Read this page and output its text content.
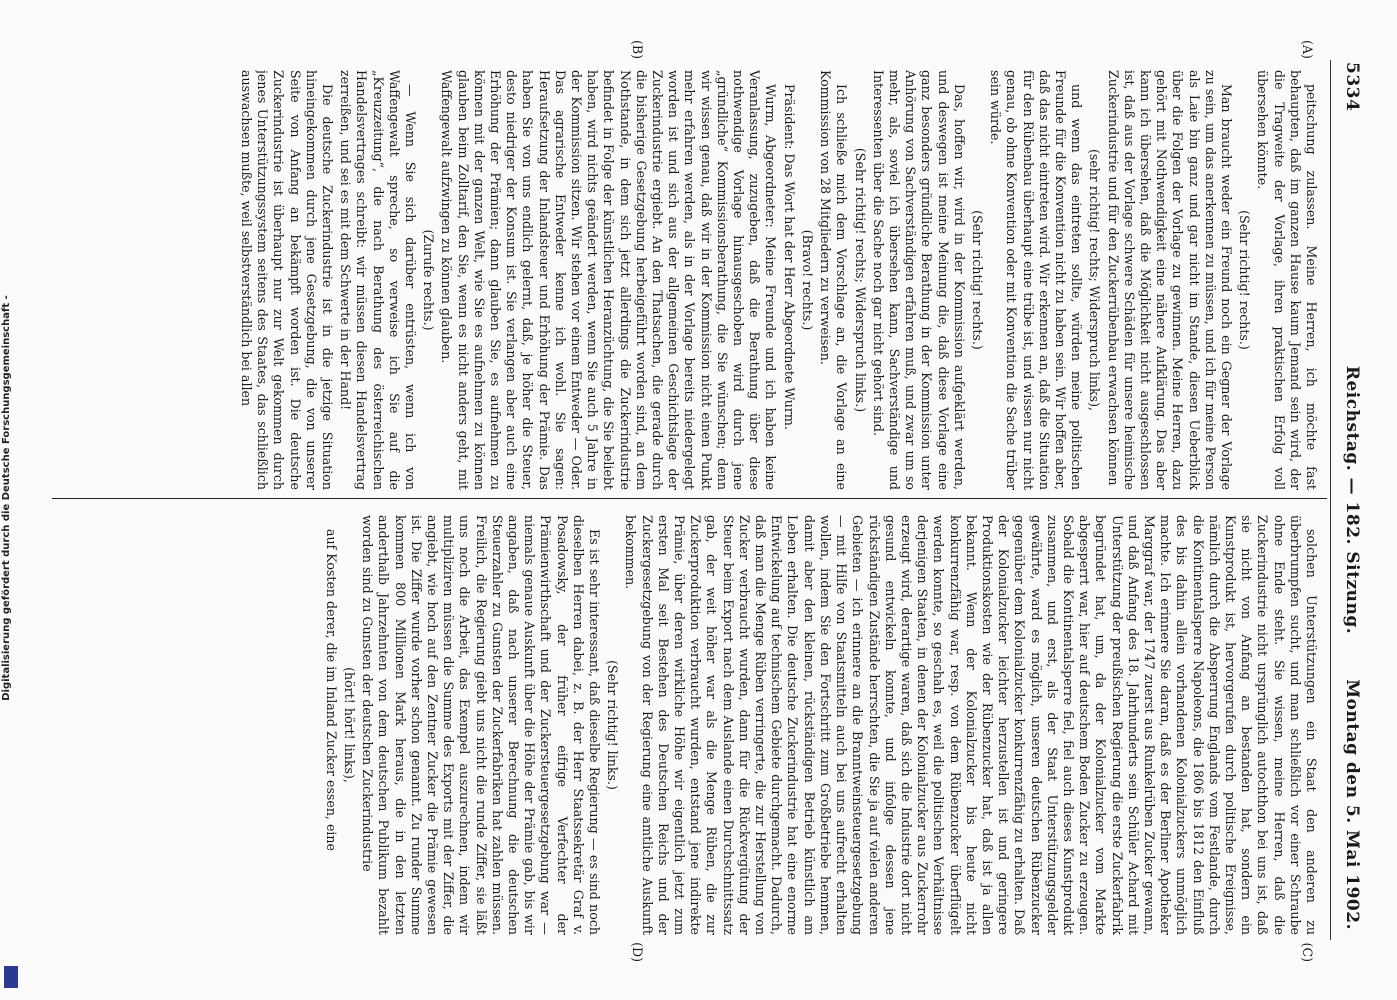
5334
Reichstag. — 182. Sitzung.
Montag den 5. Mai 1902.
(A)
(B)
(C)
(D)

peitschung zulassen. Meine Herren, ich möchte fast behaupten, daß im ganzen Hause kaum Jemand sein wird, der die Tragweite der Vorlage, ihren praktischen Erfolg voll übersehen könnte.

(Sehr richtig! rechts.)

Man braucht weder ein Freund noch ein Gegner der Vorlage zu sein, um das anerkennen zu müssen, und ich für meine Person als Laie bin ganz und gar nicht im Stande, diesen Ueberblick über die Folgen der Vorlage zu gewinnen. Meine Herren, dazu gehört mit Nothwendigkeit eine nähere Aufklärung. Das aber kann ich übersehen, daß die Möglichkeit nicht ausgeschlossen ist, daß aus der Vorlage schwere Schäden für unsere heimische Zuckerindustrie und für den Zuckerrübenbau erwachsen können

(sehr richtig! rechts; Widerspruch links),

und wenn das eintreten sollte, würden meine politischen Freunde für die Konvention nicht zu haben sein. Wir hoffen aber, daß das nicht eintreten wird. Wir erkennen an, daß die Situation für den Rübenbau überhaupt eine trübe ist, und wissen nur nicht genau, ob ohne Konvention oder mit Konvention die Sache trüber sein würde.

(Sehr richtig! rechts.)

Das, hoffen wir, wird in der Kommission aufgeklärt werden, und deswegen ist meine Meinung die, daß diese Vorlage eine ganz besonders gründliche Berathung in der Kommission unter Anhörung von Sachverständigen erfahren muß, und zwar um so mehr, als, soviel ich übersehen kann, Sachverständige und Interessenten über die Sache noch gar nicht gehört sind.

(Sehr richtig! rechts; Widerspruch links.)

Ich schließe mich dem Vorschlage an, die Vorlage an eine Kommission von 28 Mitgliedern zu verweisen.

(Bravo! rechts.)

Präsident: Das Wort hat der Herr Abgeordnete Wurm.

Wurm, Abgeordneter: Meine Freunde und ich haben keine Veranlassung, zuzugeben, daß die Berathung über diese nothwendige Vorlage hinausgeschoben wird durch jene „gründliche“ Kommissionsberathung, die Sie wünschen; denn wir wissen genau, daß wir in der Kommission nicht einen Punkt mehr erfahren werden, als in der Vorlage bereits niedergelegt worden ist und sich aus der allgemeinen Geschichtslage der Zuckerindustrie ergiebt. An den Thatsachen, die gerade durch die bisherige Gesetzgebung herbeigeführt worden sind, an dem Nothstande, in dem sich jetzt allerdings die Zuckerindustrie befindet in Folge der künstlichen Heranzüchtung, die Sie beliebt haben, wird nichts geändert werden, wenn Sie auch 5 Jahre in der Kommission sitzen. Wir stehen vor einem Entweder — Oder. Das agrarische Entweder kenne ich wohl. Sie sagen: Heraufsetzung der Inlandsteuer und Erhöhung der Prämie. Das haben Sie von uns endlich gelernt, daß, je höher die Steuer, desto niedriger der Konsum ist. Sie verlangen aber auch eine Erhöhung der Prämien; dann glauben Sie, es aufnehmen zu können mit der ganzen Welt, wie Sie es aufnehmen zu können glauben beim Zolltarif, den Sie, wenn es nicht anders geht, mit Waffengewalt aufzwingen zu können glauben.

(Zurufe rechts.)

— Wenn Sie sich darüber entrüsten, wenn ich von Waffengewalt spreche, so verweise ich Sie auf die „Kreuzzeitung“, die nach Berathung des österreichischen Handelsvertrages schreibt: wir müssen diesen Handelsvertrag zerreißen, und sei es mit dem Schwerte in der Hand!

Die deutsche Zuckerindustrie ist in die jetzige Situation hineingekommen durch jene Gesetzgebung, die von unserer Seite von Anfang an bekämpft worden ist. Die deutsche Zuckerindustrie ist überhaupt nur zur Welt gekommen durch jenes Unterstützungssystem seitens des Staates, das schließlich auswachsen mußte, weil selbstverständlich bei allen

solchen Unterstützungen ein Staat den anderen zu überbrumpfen sucht, und man schließlich vor einer Schraube ohne Ende steht. Sie wissen, meine Herren, daß die Zuckerindustrie nicht ursprünglich autochthon bei uns ist, daß sie nicht von Anfang an bestanden hat, sondern ein Kunstprodukt ist, hervorgerufen durch politische Ereignisse, nämlich durch die Absperrung Englands vom Festlande, durch die Kontinentalsperre Napoleons, die 1806 bis 1812 den Einfluß des bis dahin allein vorhandenen Kolonialzuckers unmöglich machte. Ich erinnere Sie daran, daß es der Berliner Apotheker Marggraf war, der 1747 zuerst aus Runkelrüben Zucker gewann, und daß Anfang des 18. Jahrhunderts sein Schüler Achard mit Unterstützung der preußischen Regierung die erste Zuckerfabrik begründet hat, um, da der Kolonialzucker vom Markte abgesperrt war, hier auf deutschem Boden Zucker zu erzeugen. Sobald die Kontinentalsperre fiel, fiel auch dieses Kunstprodukt zusammen, und erst, als der Staat Unterstützungsgelder gewährte, ward es möglich, unseren deutschen Rübenzucker gegenüber dem Kolonialzucker konkurrenzfähig zu erhalten. Daß der Kolonialzucker leichter herzustellen ist und geringere Produktionskosten wie der Rübenzucker hat, daß ist ja allen bekannt. Wenn der Kolonialzucker bis heute nicht konkurrenzfähig war, resp. von dem Rübenzucker überflügelt werden konnte, so geschah es, weil die politischen Verhältnisse derjenigen Staaten, in denen der Kolonialzucker aus Zuckerrohr erzeugt wird, derartige waren, daß sich die Industrie dort nicht gesund entwickeln konnte, und infolge dessen jene rückständigen Zustände herrschten, die Sie ja auf vielen anderen Gebieten — ich erinnere an die Branntweinsteuergesetzgebung — mit Hilfe von Staatsmitteln auch bei uns aufrecht erhalten wollen, indem Sie den Fortschritt zum Großbetriebe hemmen, damit aber den kleinen, rückständigen Betrieb künstlich am Leben erhalten. Die deutsche Zuckerindustrie hat eine enorme Entwickelung auf technischem Gebiete durchgemacht. Dadurch, daß man die Menge Rüben verringerte, die zur Herstellung von Zucker verbraucht wurden, dann für die Rückvergütung der Steuer beim Export nach dem Auslande einen Durchschnittssatz gab, der weit höher war als die Menge Rüben, die zur Zuckerproduktion verbraucht wurden, entstand jene indirekte Prämie, über deren wirkliche Höhe wir eigentlich jetzt zum ersten Mal seit Bestehen des Deutschen Reichs und der Zuckergesetzgebung von der Regierung eine amtliche Auskunft bekommen.

(Sehr richtig! links.)

Es ist sehr interessant, daß dieselbe Regierung — es sind noch dieselben Herren dabei, z. B. der Herr Staatssekretär Graf v. Posadowsky, der früher eifrige Verfechter der Prämienwirthschaft und der Zuckersteuergesetzgebung war — niemals genaue Auskunft über die Höhe der Prämie gab, bis wir angaben, daß nach unserer Berechnung die deutschen Steuerzahler zu Gunsten der Zuckerfabriken hat zahlen müssen. Freilich, die Regierung giebt uns nicht die runde Ziffer, sie läßt uns noch die Arbeit, das Exempel auszurechnen, indem wir multipliziren müssen die Summe des Exports mit der Ziffer, die angiebt, wie hoch auf den Zentner Zucker die Prämie gewesen ist. Die Ziffer wurde vorher schon genannt. Zu runder Summe kommen 800 Millionen Mark heraus, die in den letzten anderthalb Jahrzehnten von dem deutschen Publikum bezahlt worden sind zu Gunsten der deutschen Zuckerindustrie

(hört! hört! links),

auf Kosten derer, die im Inland Zucker essen, eine

Digitalisierung gefördert durch die Deutsche Forschungsgemeinschaft -
